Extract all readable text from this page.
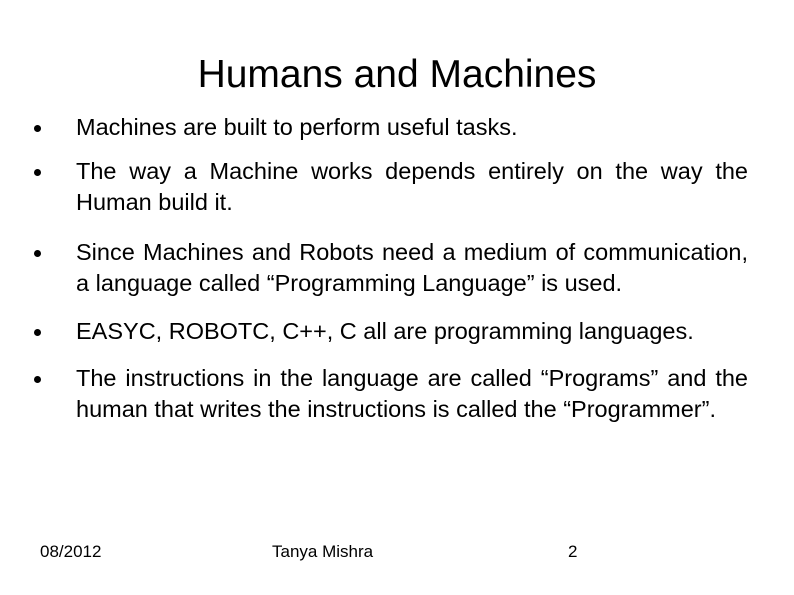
Humans and Machines
Machines are built to perform useful tasks.
The way a Machine works depends entirely on the way the Human build it.
Since Machines and Robots need a medium of communication, a language called “Programming Language” is used.
EASYC, ROBOTC, C++, C all are programming languages.
The instructions in the language are called “Programs” and the human that writes the instructions is called the “Programmer”.
08/2012	Tanya Mishra	2
